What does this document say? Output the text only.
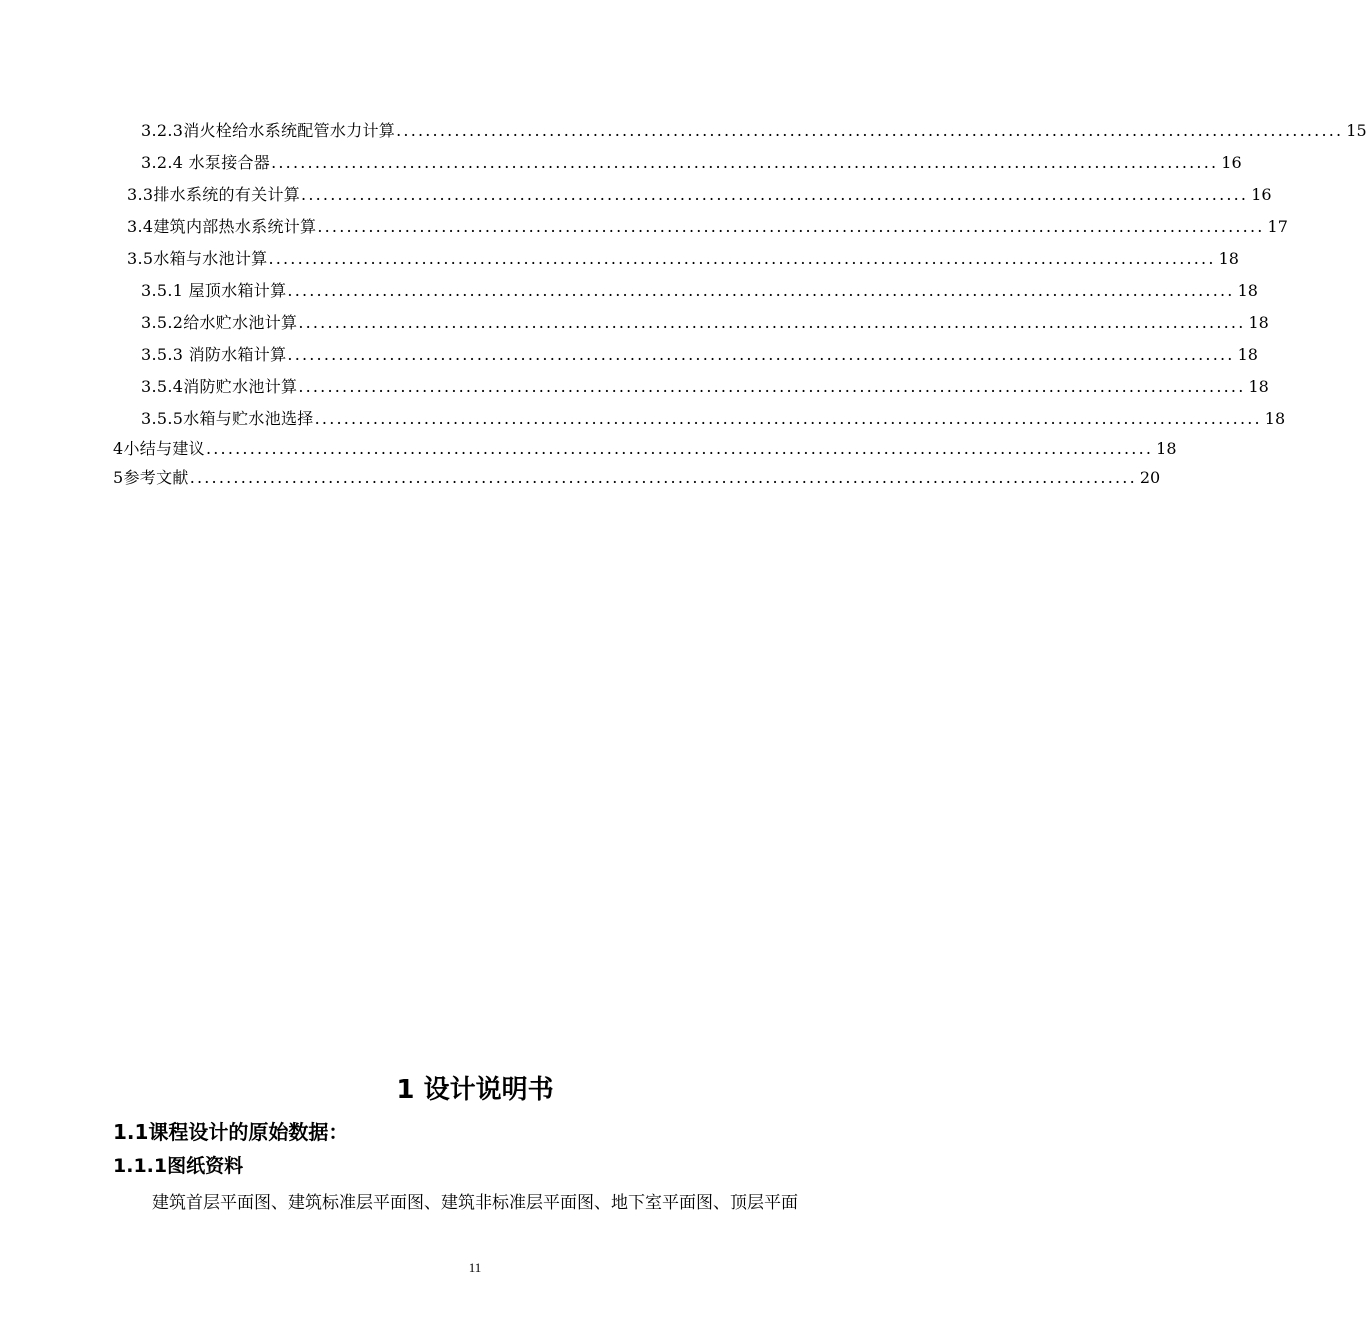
3.2.3消火栓给水系统配管水力计算 .................................................................................................................................. 15
3.2.4 水泵接合器 .................................................................................................................................. 16
3.3排水系统的有关计算 .................................................................................................................................. 16
3.4建筑内部热水系统计算 .................................................................................................................................. 17
3.5水箱与水池计算 .................................................................................................................................. 18
3.5.1 屋顶水箱计算 .................................................................................................................................. 18
3.5.2给水贮水池计算 .................................................................................................................................. 18
3.5.3 消防水箱计算 .................................................................................................................................. 18
3.5.4消防贮水池计算 .................................................................................................................................. 18
3.5.5水箱与贮水池选择 .................................................................................................................................. 18
4小结与建议 .................................................................................................................................. 18
5参考文献 .................................................................................................................................. 20
1 设计说明书
1.1课程设计的原始数据：
1.1.1图纸资料
建筑首层平面图、建筑标准层平面图、建筑非标准层平面图、地下室平面图、顶层平面
11
